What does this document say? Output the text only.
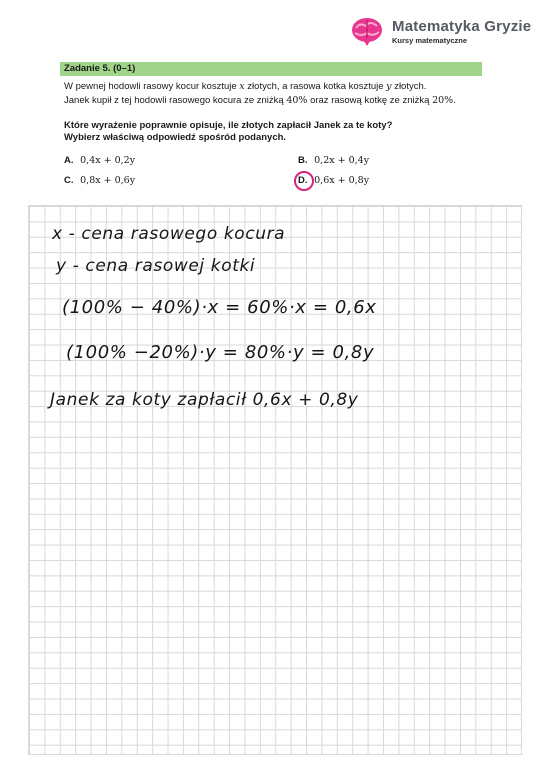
Matematyka Gryzie
Kursy matematyczne
Zadanie 5. (0–1)
W pewnej hodowli rasowy kocur kosztuje x złotych, a rasowa kotka kosztuje y złotych.
Janek kupił z tej hodowli rasowego kocura ze zniżką 40% oraz rasową kotkę ze zniżką 20%.
Które wyrażenie poprawnie opisuje, ile złotych zapłacił Janek za te koty?
Wybierz właściwą odpowiedź spośród podanych.
A. 0,4x + 0,2y	B. 0,2x + 0,4y
C. 0,8x + 0,6y	D. 0,6x + 0,8y
x - cena rasowego kocura
y - cena rasowej kotki
(100% − 40%)·x = 60%·x = 0,6x
(100% −20%)·y = 80%·y = 0,8y
Janek za koty zapłacił 0,6x + 0,8y
